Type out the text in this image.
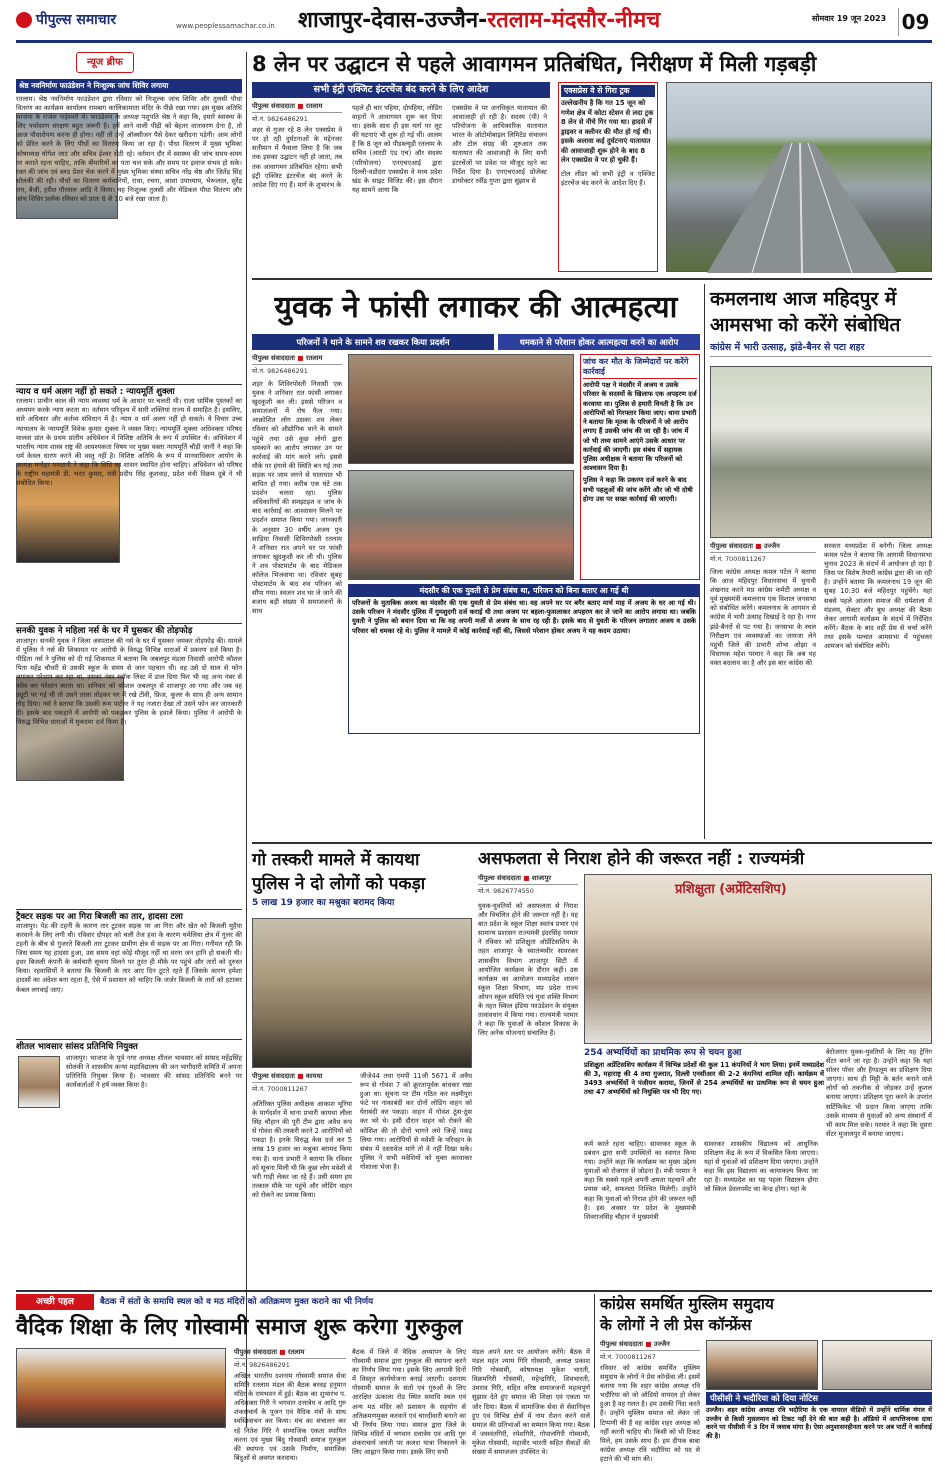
पीपुल्स समाचार	www.peoplessamachar.co.in	शाजापुर-देवास-उज्जैन-रतलाम-मंदसौर-नीमच	सोमवार 19 जून 2023 09
न्यूज ब्रीफ
श्रेष्ठ नवनिर्माण फाउंडेशन ने निःशुल्क जांच शिविर लगाया
रतलाम। श्रेष्ठ नवनिर्माण फाउंडेशन द्वारा रविवार को निःशुल्क जांच शिविर और तुलसी पौधा वितरण का कार्यक्रम कार्यालय रामबाग कालिकामाता मंदिर के पीछे रखा गया। इस मुख्य अतिथि भाजपा के राजेश नाईस्वरी थे। फाउंडेशन के अध्यक्ष पशुपति श्रेष्ठ ने कहा कि, हमारे स्वास्थ्य के लिए पर्यावरण संरक्षण बहुत जरूरी है। हमें आने वाली पीढ़ी को बेहतर वातावरण देना है, तो आज पौधारोपण करना ही होगा। नहीं तो उन्हें ऑक्सीजन पैसे देकर खरीदना पड़ेगी। आम लोगों को प्रेरित करने के लिए पौधों का वितरण किया जा रहा है। पौधा वितरण में मुख्य भूमिका कोषाध्यक्ष योगेश जाट और सचिव ईश्वर सेठी रहे। वर्तमान दौर में स्वास्थ्य की जांच समय-समय पर कराते रहना चाहिए, ताकि बीमारियों का पता चल सके और समय पर इलाज संभव हो सके। रक्त की जांच एवं ब्लड प्रेशर चेक करने में मुख्य भूमिका संस्था सचिव नरेंद्र श्रेष्ठ और जितेंद्र सिंह सोलंकी की रही। पौधों का वितरण कर्मचारियों, राधा, रचना, आशा उपाध्याय, भेरूलाल, सुरेंद्र राय, बैजी, हरीश पौरवाल आदि ने किया। यह निःशुल्क तुलसी और मेडिकल पौधा वितरण और जांच शिविर प्रत्येक रविवार को प्रातः 8 से 10 बजे रखा जाता है।
न्याय व धर्म अलग नहीं हो सकते : न्यायमूर्ति शुक्ला
रतलाम। प्राचीन काल की न्याय व्यवस्था धर्म के आधार पर चलती थी। राजा धार्मिक पुस्तकों का अध्ययन करके न्याय करता था। वर्तमान परिदृश्य में सारी शक्तियां राज्य में समाहित है। इसलिए, सारे अधिकार और कर्तव्य संविधान में है। न्याय व धर्म अलग नहीं हो सकते। ये विचार उच्च न्यायालय के न्यायमूर्ति विवेक कुमार शुक्ला ने व्यक्त किए। न्यायमूर्ति शुक्ला अधिवक्ता परिषद मालवा प्रांत के प्रथम प्रांतीय अधिवेशन में विशिष्ट अतिथि के रूप में उपस्थित थे। अधिवेशन में भारतीय न्याय शास्त्र राष्ट्र की आवश्यकता विषय पर मुख्य वक्ता न्यायमूर्ति चौड़ी जानी ने कहा कि धर्म केवल धारण करने की वस्तु नहीं है। विशिष्ट अतिथि के रूप में मानवाधिकार आयोग के अध्यक्ष मनोहर ममतानी ने कहा कि विधि का शासन स्थापित होना चाहिए। अधिवेशन को परिषद के राष्ट्रीय महामंत्री डी. भरत कुमार, मंत्री प्रदीप सिंह कुशवाह, प्रदेश मंत्री विक्रम दुबे ने भी संबोधित किया।
सनकी युवक ने महिला नर्स के घर में घुसकर की तोड़फोड़
शाजापुर। सनकी युवक ने जिला अस्पताल की नर्स के घर में घुसकर जमकर तोड़फोड़ की। मामले में पुलिस ने नर्स की शिकायत पर आरोपी के विरुद्ध विभिन्न धाराओं में प्रकरण दर्ज किया है। पीड़िता नर्स ने पुलिस को दी गई शिकायत में बताया कि जबलपुर मंडला निवासी आरोपी कौशल पिता महेंद्र चौधरी से उसकी स्कूल के समय से जान पहचान थी। वह उसे दो साल से फोन लगाकर परेशान कर रहा था, उसका नंबर ब्लॉक लिस्ट में डाल दिया फिर भी वह अन्य नंबर से कॉल कर परेशान करता था। शनिवार को कौशल जबलपुर से शाजापुर आ गया और जब वह ड्यूटी पर गई थी तो उसने ताला तोड़कर घर में रखे टीवी, फ्रिज, कूलर के साथ ही अन्य सामान तोड़ दिया। नर्स ने बताया कि उसकी रूम पार्टनर ने यह नजारा देखा तो उसने फोन कर जानकारी दी। इसके बाद पकड़ाने में आरोपी को पकड़कर पुलिस के हवाले किया। पुलिस ने आरोपी के विरुद्ध विभिन्न धाराओं में मुकदमा दर्ज किया है।
ट्रैक्टर सड़क पर आ गिरा बिजली का तार, हादसा टला
शाजापुर। पेड़ की टहनी के कारण तार टूटकर सड़क पर आ गिरा और खेत को बिजली मुहैया करवाने के लिए लगी थी। रविवार दोपहर को चली तेज हवा के कारण चमेलिया क्षेत्र में गुलर की टहनी के बीच से गुजरते बिजली तार टूटकर ग्रामीण क्षेत्र से सड़क पर आ गिरा। गनीमत रही कि जिस समय यह हादसा हुआ, उस समय वहां कोई मौजूद नहीं था वरना जन हानि हो सकती थी। इधर बिजली कंपनी के कर्मचारी सूचना मिलने पर तुरंत ही मौके पर पहुंचे और तारों को दुरुस्त किया। रहवासियों ने बताया कि बिजली के तार आए दिन टूटते रहते हैं जिसके कारण हमेशा हादसों का अंदेशा बना रहता है, ऐसे में प्रशासन को चाहिए कि जर्जर बिजली के तारों को हटाकर केबल लगवाई जाए।
शीतल भावसार सांसद प्रतिनिधि नियुक्त
शाजापुर। भाजपा के पूर्व नगर अध्यक्ष शीतल भावसार को सांसद महेंद्रसिंह सोलंकी ने शासकीय कन्या महाविद्यालय की जन भागीदारी समिति में अपना प्रतिनिधि नियुक्त किया है। भावसार की सांसद प्रतिनिधि बनने पर कार्यकर्ताओं ने हर्ष व्यक्त किया है।
8 लेन पर उद्घाटन से पहले आवागमन प्रतिबंधित, निरीक्षण में मिली गड़बड़ी
सभी इंट्री एक्जिट इंटरचेंज बंद करने के लिए आदेश
पीपुल्स संवाददाता ■ रतलाम
मो.नं. 9826486291
शहर से गुजर रहे 8 लेन एक्सप्रेस वे पर हो रही दुर्घटनाओं के मद्देनजर सतीमान में फैसला लिया है कि जब तक इसका उद्घाटन नहीं हो जाता, तब तक आवागमन प्रतिबंधित रहेगा। सभी इंट्री एक्जिट इंटरचेंज बंद करने के आदेश दिए गए हैं। मार्ग के शुभारंभ के
पहले ही चार पहिया, दोपहिया, लोडिंग वाहनों ने आवागमन शुरू कर दिया था। इसके साथ ही इस मार्ग पर लूट की घटनाएं भी शुरू हो गई थीं। आलम है कि 8 जून को पीडब्ल्यूडी रतलाम के सचिव (आरटी एंड एच) और सदस्य (परियोजना) एनएचएआई द्वारा दिल्ली-वडोदरा एक्सप्रेस वे मध्य प्रदेश खंड के साइट विजिट की। इस दौरान यह सामने आया कि
एक्सप्रेस वे पर अनधिकृत यातायात की आवाजाही हो रही है। सदस्य (पी) ने परियोजना के आधिकारिक यातायात भारत के ऑटोमोबाइल लिमिटेड संचालन और टोल संग्रह की शुरुआत तक यातायात की आवाजाही के लिए सभी इंटरचेंजों पर प्रवेश पर मौजूद रहने का निर्देश दिया है। एनएचएआई प्रोजेक्ट डायरेक्टर रवींद्र गुप्ता द्वारा सुझाव से
एक्सप्रेस वे से गिरा ट्रक
उल्लेखनीय है कि गत 15 जून को गणेश क्षेत्र में कोटा स्टेशन से लदा ट्रक 8 लेन से नीचे गिर गया था। हादसे में ड्राइवर व क्लीनर की मौत हो गई थी। इसके अलावा कई दुर्घटनाएं यातायात की आवाजाही शुरू होने के बाद 8 लेन एक्सप्रेस वे पर हो चुकी हैं।
टोल लीडर को सभी इंट्री व एक्जिट इंटरचेंज बंद करने के आदेश दिए हैं।
युवक ने फांसी लगाकर की आत्महत्या
परिजनों ने थाने के सामने शव रखकर किया प्रदर्शन	धमकाने से परेशान होकर आत्महत्या करने का आरोप
पीपुल्स संवाददाता ■ रतलाम
मो.नं. 9826486291
शहर के शिविरपोस्ती निवासी एक युवक ने शनिवार रात फांसी लगाकर खुदकुशी कर ली। इससे परिजन व समाजजनों में रोष फैल गया। आक्रोशित लोग उसका शव लेकर रविवार को औद्योगिक थाने के सामने पहुंचे तथा उसे कुछ लोगों द्वारा धमकाने का आरोप लगाकर उन पर कार्रवाई की मांग करने लगे। इससे मौके पर हंगामे की स्थिति बन गई तथा सड़क पर जाम लगने से यातायात भी बाधित हो गया। करीब एक घंटे तक प्रदर्शन चलता रहा। पुलिस अधिकारियों की समझाइश व जांच के बाद कार्रवाई का आश्वासन मिलने पर प्रदर्शन समाप्त किया गया। जानकारी के अनुसार 30 वर्षीय अजय पुत्र साड़िया निवासी शिविरपोस्ती रतलाम ने शनिवार रात अपने घर पर फांसी लगाकर खुदकुशी कर ली थी। पुलिस ने शव पोस्टमार्टम के बाद मेडिकल कॉलेज भिजवाया था। रविवार सुबह पोस्टमार्टम के बाद शव परिजन को सौंपा गया। स्वजन शव घर ले जाने की बजाय बड़ी संख्या में समाजजनों के साथ
जांच कर मौत के जिम्मेदारों पर करेंगे कार्रवाई
आरोपी पक्ष ने मंदसौर में अजय व उसके परिवार के सदस्यों के खिलाफ एक अपहरण दर्ज करवाया था। पुलिस से हमारी विनती है कि उन आरोपियों को गिरफ्तार किया जाए। थाना प्रभारी ने बताया कि मृतक के परिजनों ने जो आरोप लगाए हैं उसकी जांच की जा रही है। जांच में जो भी तथ्य सामने आएंगे उसके आधार पर कार्रवाई की जाएगी। इस संबंध में सहायक पुलिस अधीक्षक ने बताया कि परिजनों को आश्वासन दिया है।
पुलिस ने कहा कि प्रकरण दर्ज करने के बाद सभी पहलुओं की जांच करेंगे और जो भी दोषी होगा उस पर सख्त कार्रवाई की जाएगी।
मंदसौर की एक युवती से प्रेम संबंध था, परिजन को बिना बताए आ गई थी
परिजनों के मुताबिक अजय का मंदसौर की एक युवती से प्रेम संबंध था। वह अपने घर पर बगैर बताए मार्च माह में अजय के घर आ गई थी। उसके परिजन ने मंदसौर पुलिस में गुमशुदगी दर्ज कराई थी तथा अजय पर बहला-फुसलाकर अपहरण कर ले जाने का आरोप लगाया था। जबकि युवती ने पुलिस को बयान दिया था कि वह अपनी मर्जी से अजय के साथ रह रही है। इसके बाद से युवती के परिजन लगातार अजय व उसके परिवार को धमका रहे थे। पुलिस ने मामले में कोई कार्रवाई नहीं की, जिससे परेशान होकर अजय ने यह कदम उठाया।
कमलनाथ आज महिदपुर में
आमसभा को करेंगे संबोधित
कांग्रेस में भारी उत्साह, झंडे-बैनर से पटा शहर
पीपुल्स संवाददाता ■ उज्जैन
मो.नं. 7000811267
जिला कांग्रेस अध्यक्ष कमल पटेल ने बताया कि आज महिदपुर विधानसभा में चुनावी शंखनाद करने मप्र कांग्रेस कमेटी अध्यक्ष व पूर्व मुख्यमंत्री कमलनाथ एक विशाल जनसभा को संबोधित करेंगे। कमलनाथ के आगमन से कांग्रेस में भारी उत्साह दिखाई दे रहा है। नगर झंडे-बैनरों से पट गया है। जनसभा के स्थल निरीक्षण एवं व्यवस्थाओं का जायजा लेने पहुंची जिले की प्रभारी शोभा ओझा व विधायक महेश परमार ने कहा कि अब यह वक्त बदलाव का है और इस बार कांग्रेस की
सरकार मध्यप्रदेश में बनेगी। जिला अध्यक्ष कमल पटेल ने बताया कि आगामी विधानसभा चुनाव 2023 के संदर्भ में आयोजन हो रहा है जिस पर विशेष तैयारी कांग्रेस द्वारा की जा रही है। उन्होंने बताया कि कमलनाथ 19 जून की सुबह 10:30 बजे महिदपुर पहुंचेंगे। यहां सबसे पहले आंजना समाज की धर्मशाला में मंडलम, सेक्टर और बूथ अध्यक्ष की बैठक लेकर आगामी कार्यक्रम के संदर्भ में निर्देशित करेंगे। बैठक के बाद वहीं प्रेस से चर्चा करेंगे तथा इसके पश्चात आमसभा में पहुंचकर आमजन को संबोधित करेंगे।
गो तस्करी मामले में कायथा
पुलिस ने दो लोगों को पकड़ा
5 लाख 19 हजार का मश्रुका बरामद किया
पीपुल्स संवाददाता ■ कायथा
मो.नं. 7000811267
अतिरिक्त पुलिस अधीक्षक आकाश भूरिया के मार्गदर्शन में थाना प्रभारी कायथा लीला सिंह चौहान की पूरी टीम द्वारा अवैध रूप से गोवंश की तस्करी करने 2 आरोपियों को पकड़ा है। इनके विरुद्ध केस दर्ज कर 5 लाख 19 हजार का मश्रुका बरामद किया गया है। थाना प्रभारी ने बताया कि रविवार को सूचना मिली थी कि कुछ लोग मवेशी से भरी गाड़ी लेकर जा रहे हैं। उसी समय हम तत्काल मौके पर पहुंचे और लोडिंग वाहन को रोकने का प्रयास किया।
जीजे44 तथा एमपी 11जी 5671 में अवैध रूप से गोवंश 7 को क्रूरतापूर्वक बांधकर रखा हुआ था। सूचना पर टीम गठित कर लक्ष्मीपुरा फंटे पर नाकाबंदी कर दोनों लोडिंग वाहन को घेराबंदी कर पकड़ा। वाहन में गोवंश ठूंस-ठूंस कर भरे थे। इसी दौरान वाहन को रोकने की कोशिश की तो दोनों भागने लगे जिन्हें पकड़ लिया गया। आरोपियों से मवेशी के परिवहन के संबंध में दस्तावेज मांगे तो वे नहीं दिखा सके। पुलिस ने सभी मवेशियों को मुक्त करवाकर गोशाला भेजा है।
असफलता से निराश होने की जरूरत नहीं : राज्यमंत्री
पीपुल्स संवाददाता ■ शाजापुर
मो.नं. 9826774550
युवक-युवतियों को असफलता से निराश और विचलित होने की जरूरत नहीं है। यह बात प्रदेश के स्कूल शिक्षा स्वतंत्र प्रभार एवं सामान्य प्रशासन राज्यमंत्री इंदरसिंह परमार ने रविवार को प्रशिक्षुता ऑप्रेंटिसशिप के तहत शाजापुर के स्वातंत्र्यवीर सावरकर शासकीय विभाग शाजापुर सिटी में आयोजित कार्यक्रम के दौरान कही। उस कार्यक्रम का आयोजन मध्यप्रदेश शासन स्कूल शिक्षा विभाग, मप्र प्रदेश राज्य ओपन स्कूल समिति एवं युवा शक्ति विभाग के तहत स्किल इंडिया फाउंडेशन के संयुक्त तत्वावधान में किया गया। राज्यमंत्री परमार ने कहा कि युवाओं के कौशल विकास के लिए अनेक योजनाएं संचालित हैं।
प्रशिक्षुता (अप्रेंटिसशिप)
254 अभ्यर्थियों का प्राथमिक रूप से चयन हुआ
प्रशिक्षुता अप्रेंटिसशिप कार्यक्रम में विभिन्न प्रदेशों की कुल 11 कंपनियों ने भाग लिया। इनमें मध्यप्रदेश की 3, महाराष्ट्र की 4 तथा गुजरात, दिल्ली एनसीआर की 2-2 कंपनियां शामिल रहीं। कार्यक्रम में 3493 अभ्यर्थियों ने पंजीयन कराया, जिनमें से 254 अभ्यर्थियों का प्राथमिक रूप से चयन हुआ तथा 47 अभ्यर्थियों को नियुक्ति पत्र भी दिए गए।
कर्म करते रहना चाहिए। सावरकर स्कूल के प्रबंधन द्वारा सभी उपस्थितों का स्वागत किया गया। उन्होंने कहा कि कार्यक्रम का मुख्य उद्देश्य युवाओं को रोजगार से जोड़ना है। मंत्री परमार ने कहा कि सबसे पहले अपनी क्षमता पहचानें और प्रयास करें, सफलता निश्चित मिलेगी। उन्होंने कहा कि युवाओं को निराश होने की जरूरत नहीं है। इस अवसर पर प्रदेश के मुख्यमंत्री शिवराजसिंह चौहान ने मुख्यमंत्री
सावरकर शासकीय विद्यालय को आधुनिक प्रशिक्षण केंद्र के रूप में विकसित किया जाएगा। यहां से युवाओं को प्रशिक्षण दिया जाएगा। उन्होंने कहा कि इस विद्यालय का कायाकल्प किया जा रहा है। मध्यप्रदेश का यह पहला विद्यालय होगा जो स्किल डेवलपमेंट का केन्द्र होगा। यहां के
बेरोजगार युवक-युवतियों के लिए यह ट्रेनिंग सेंटर बनने जा रहा है। उन्होंने कहा कि यहां सोलर पॉवर और हैण्डलूम का प्रशिक्षण दिया जाएगा। साथ ही मिट्टी के बर्तन बनाने वाले लोगों को तकनीक से जोड़कर उन्हें कुशल बनाया जाएगा। प्रशिक्षण पूरा करने के उपरांत सर्टिफिकेट भी प्रदान किया जाएगा ताकि उसके माध्यम से युवाओं को अन्य संस्थानों में भी काम मिल सके। परमार ने कहा कि दूसरा सेंटर मुजालपुर में बनाया जाएगा।
अच्छी पहल	बैठक में संतों के समाधि स्थल को व मठ मंदिरों को अतिक्रमण मुक्त कराने का भी निर्णय
वैदिक शिक्षा के लिए गोस्वामी समाज शुरू करेगा गुरुकुल
पीपुल्स संवाददाता ■ रतलाम
मो.नं. 9826486291
अखिल भारतीय दशनाम गोस्वामी समाज सेवा समिति रतलाम मंडल की बैठक बरवड़ हनुमान मंदिर के रामभवन में हुई। बैठक का शुभारंभ प. अधिवक्ता गिरी ने भगवान दत्तात्रेय व आदि गुरु शंकराचार्य के पूजन एवं वैदिक मंत्रों के साथ स्वस्तिवाचन कर किया। मंच का संचालन कर रहे नितेश गिरि ने सामाजिक एकता स्थापित करना एवं मुख्य बिंदु गोस्वामी समाज गुरुकुल की स्थापना एवं उसके निर्माण, समाजिक बिंदुओं से अवगत करवाया।
बैठक में जिले में वैदिक अध्यापन के लिए गोस्वामी समाज द्वारा गुरुकुल की स्थापना करने का निर्णय लिया गया। इसके लिए आगामी दिनों में विस्तृत कार्ययोजना बनाई जाएगी। दशनाम गोस्वामी समाज के संतो एवं गुरुओं के लिए आरक्षित ऊंकाला रोड स्थित समाधि स्थल एवं अन्य मठ मंदिर को प्रशासन के सहयोग से अतिक्रमणमुक्त करवाने एवं चारदीवारी बनाने का भी निर्णय लिया गया। समाज द्वारा जिले के विभिन्न मंदिरों में भगवान दत्तात्रेय एवं आदि गुरु शंकराचार्य जयंती पर कलश यात्रा निकालने के लिए आह्वान किया गया। इसके लिए सभी
मंडल अपने स्तर पर आयोजन करेंगे। बैठक में मंडल महंत श्याम गिरि गोस्वामी, अध्यक्ष प्रकाश गिरि गोस्वामी, कोषाध्यक्ष मुकेश भारती, विक्रमगिरी गोस्वामी, महेन्द्रगिरि, शिवभारती, उमराव गिरि, सहित वरिष्ठ समाजजनों महत्वपूर्ण सुझाव देते हुए समाज की शिक्षा एवं एकता पर जोर दिया। बैठक में सामाजिक सेवा से सेवानिवृत्त हुए एवं विभिन्न क्षेत्रों में नाम रोशन करने वाले समाज की प्रतिभाओं का सम्मान किया गया। बैठक में जसवंतगिरी, रमेशगिरी, गोपालगिरी गोस्वामी, मुकेश गोस्वामी, महावीर भारती सहित सैकड़ों की संख्या में समाजजन उपस्थित थे।
कांग्रेस समर्थित मुस्लिम समुदाय
के लोगों ने ली प्रेस कॉन्फ्रेंस
पीपुल्स संवाददाता ■ उज्जैन
मो.नं. 7000811267
रविवार को कांग्रेस समर्थित मुस्लिम समुदाय के लोगों ने प्रेस कॉन्फ्रेंस ली। इसमें बताया गया कि शहर कांग्रेस अध्यक्ष रवि भदौरिया को जो ऑडियो वायरल हो लेकर हुआ है वह गलत है। हम उसकी निंदा करते हैं। उन्होंने मुस्लिम समाज को लेकर जो टिप्पणी की है वह कांग्रेस शहर अध्यक्ष को नहीं करनी चाहिए थी। किसी को भी टिकट मिले, हम उसके साथ हैं। हम दीपक बाबा कांग्रेस अध्यक्ष रवि भदौरिया को पद से हटाने की भी मांग की।
पीसीसी ने भदौरिया को दिया नोटिस
उज्जैन। शहर कांग्रेस अध्यक्ष रवि भदौरिया के एक वायरल वीडियो में उन्होंने धार्मिक मंगल में उज्जैन से किसी मुसलमान को टिकट नहीं देने की बात कही है। ऑडियो में आपत्तिजनक दावा करने पर पीसीसी ने 3 दिन में जवाब मांगा है। ऐसा अनुशासनहीनता करने पर अब पार्टी ने कार्रवाई की है।
